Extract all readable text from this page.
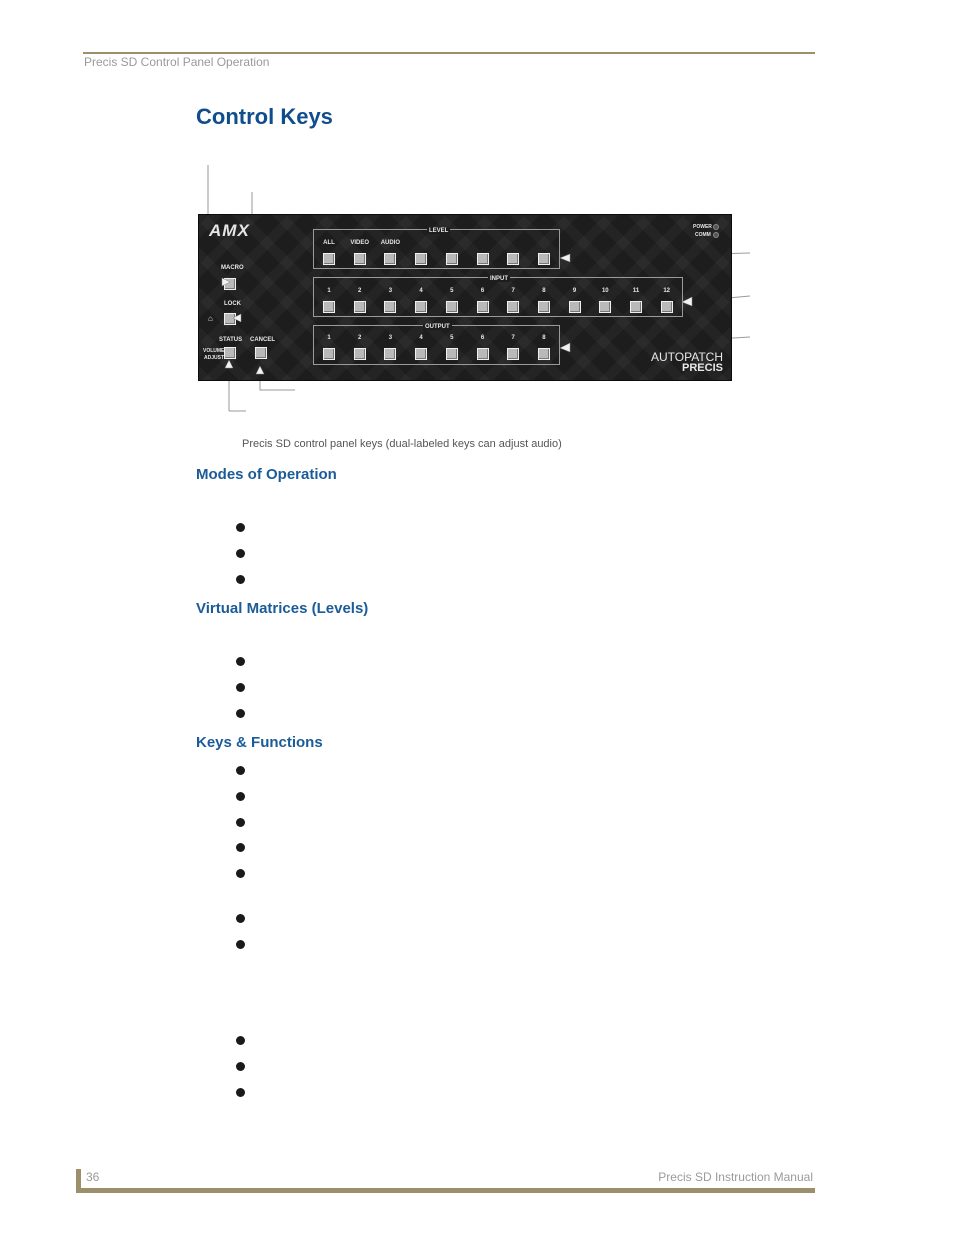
Precis SD Control Panel Operation
Control Keys
AMX
MACRO
LOCK
⌂
STATUS
VOLUME
ADJUST
CANCEL
LEVEL
INPUT
OUTPUT
POWER
COMM
AUTOPATCH
PRECIS
ALL	VIDEO AUDIO
1	2	3	4	5	6	7	8	9	10	11	12
1	2	3	4	5	6	7	8
Precis SD control panel keys (dual-labeled keys can adjust audio)
Modes of Operation
Virtual Matrices (Levels)
Keys & Functions
36	Precis SD Instruction Manual
